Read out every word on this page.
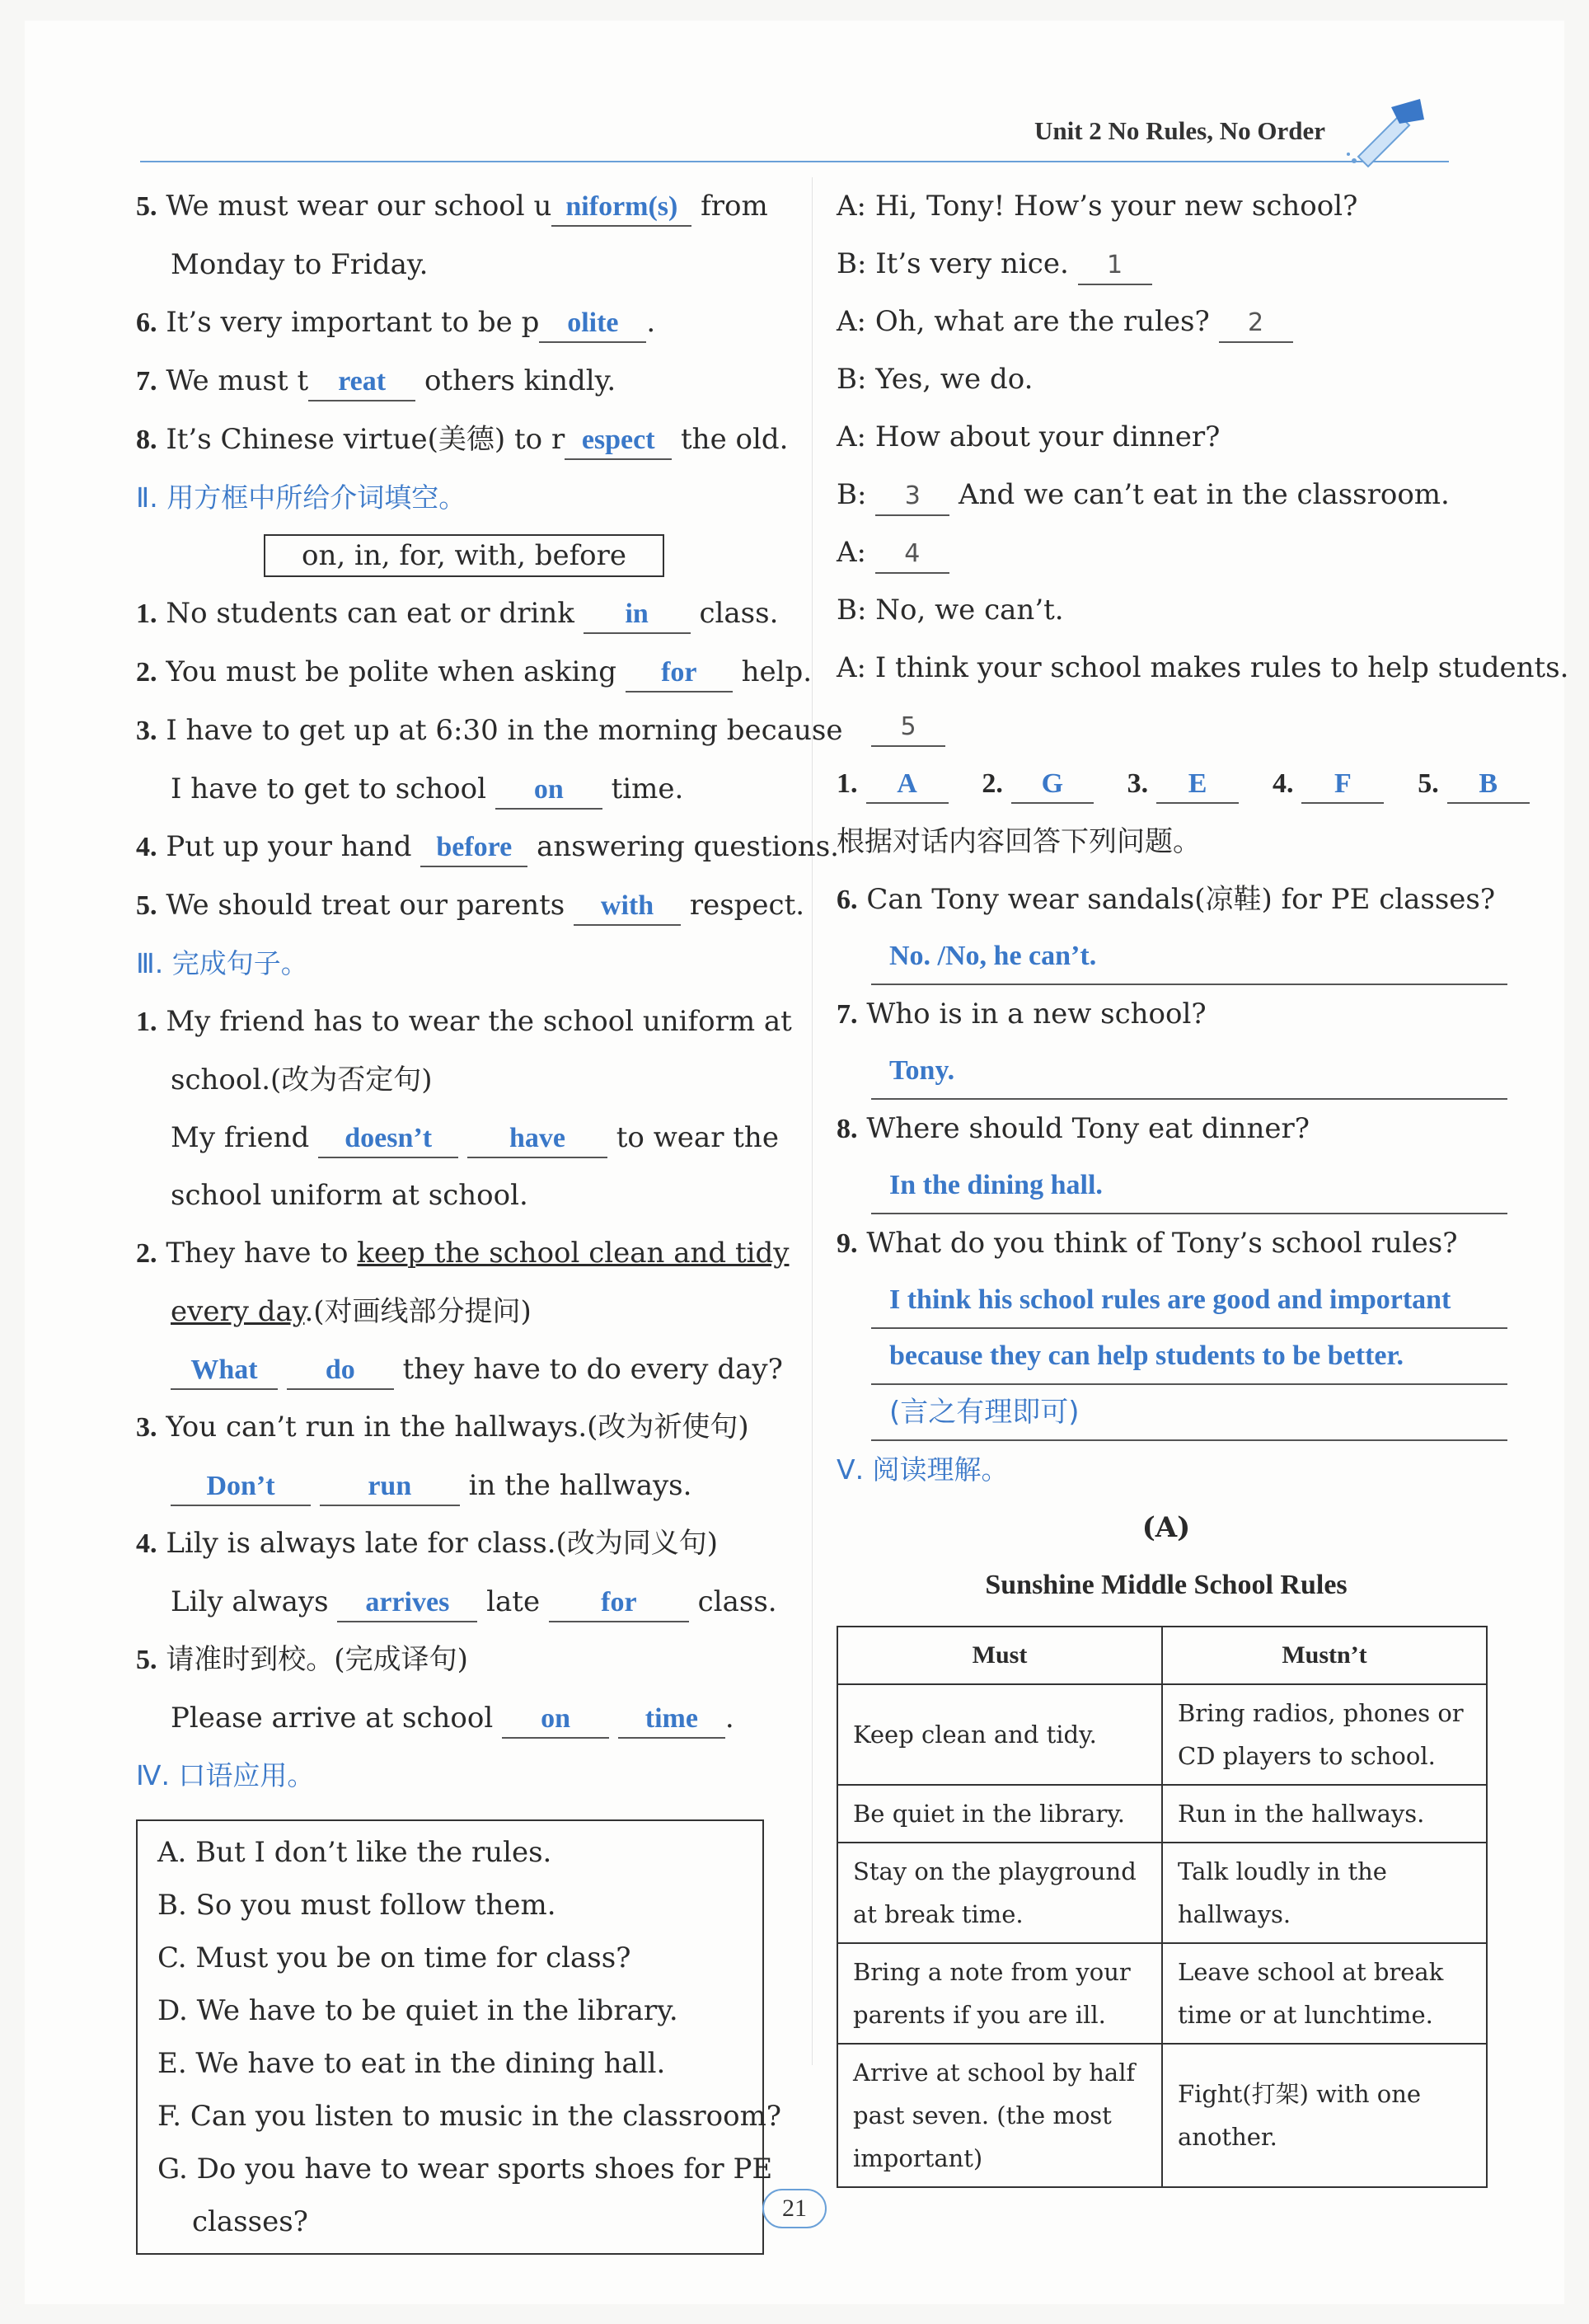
Unit 2 No Rules, No Order
5. We must wear our school u niform(s) from
Monday to Friday.
6. It’s very important to be p olite .
7. We must t reat others kindly.
8. It’s Chinese virtue(美德) to r espect the old.
Ⅱ. 用方框中所给介词填空。
on, in, for, with, before
1. No students can eat or drink in class.
2. You must be polite when asking for help.
3. I have to get up at 6:30 in the morning because
I have to get to school on time.
4. Put up your hand before answering questions.
5. We should treat our parents with respect.
Ⅲ. 完成句子。
1. My friend has to wear the school uniform at
school.(改为否定句)
My friend doesn’t	have to wear the
school uniform at school.
2. They have to keep the school clean and tidy
every day.(对画线部分提问)
What do they have to do every day?
3. You can’t run in the hallways.(改为祈使句)
Don’t	run in the hallways.
4. Lily is always late for class.(改为同义句)
Lily always arrives late for class.
5. 请准时到校。(完成译句)
Please arrive at school on	time .
Ⅳ. 口语应用。
A. But I don’t like the rules.
B. So you must follow them.
C. Must you be on time for class?
D. We have to be quiet in the library.
E. We have to eat in the dining hall.
F. Can you listen to music in the classroom?
G. Do you have to wear sports shoes for PE
classes?
A: Hi, Tony! How’s your new school?
B: It’s very nice. 1
A: Oh, what are the rules? 2
B: Yes, we do.
A: How about your dinner?
B: 3 And we can’t eat in the classroom.
A: 4
B: No, we can’t.
A: I think your school makes rules to help students.
5
1. A 2. G 3. E 4. F 5. B
根据对话内容回答下列问题。
6. Can Tony wear sandals(凉鞋) for PE classes?
No. /No, he can’t.
7. Who is in a new school?
Tony.
8. Where should Tony eat dinner?
In the dining hall.
9. What do you think of Tony’s school rules?
I think his school rules are good and important
because they can help students to be better.
(言之有理即可)
Ⅴ. 阅读理解。
(A)
Sunshine Middle School Rules
Must	Mustn’t
Keep clean and tidy.	Bring radios, phones or CD players to school.
Be quiet in the library.	Run in the hallways.
Stay on the playground at break time.	Talk loudly in the hallways.
Bring a note from your parents if you are ill.	Leave school at break time or at lunchtime.
Arrive at school by half past seven. (the most important)	Fight(打架) with one another.
21
